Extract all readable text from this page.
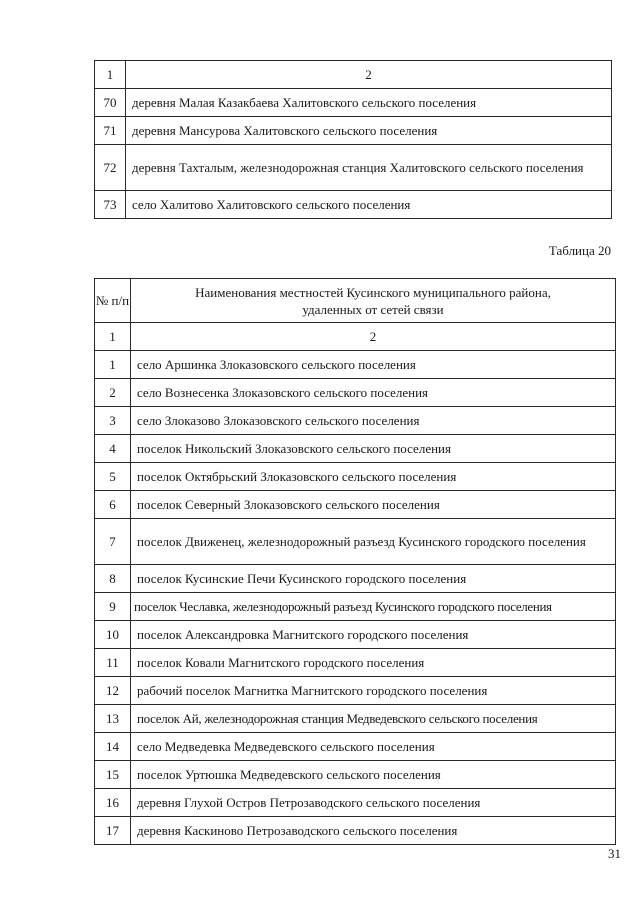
1	2
70	деревня Малая Казакбаева Халитовского сельского поселения
71	деревня Мансурова Халитовского сельского поселения
72	деревня Тахталым, железнодорожная станция Халитовского сельского поселения
73	село Халитово Халитовского сельского поселения
Таблица 20
№ п/п	Наименования местностей Кусинского муниципального района, удаленных от сетей связи
1	2
1	село Аршинка Злоказовского сельского поселения
2	село Вознесенка Злоказовского сельского поселения
3	село Злоказово Злоказовского сельского поселения
4	поселок Никольский Злоказовского сельского поселения
5	поселок Октябрьский Злоказовского сельского поселения
6	поселок Северный Злоказовского сельского поселения
7	поселок Движенец, железнодорожный разъезд Кусинского городского поселения
8	поселок Кусинские Печи Кусинского городского поселения
9	поселок Чеславка, железнодорожный разъезд Кусинского городского поселения
10	поселок Александровка Магнитского городского поселения
11	поселок Ковали Магнитского городского поселения
12	рабочий поселок Магнитка Магнитского городского поселения
13	поселок Ай, железнодорожная станция Медведевского сельского поселения
14	село Медведевка Медведевского сельского поселения
15	поселок Уртюшка Медведевского сельского поселения
16	деревня Глухой Остров Петрозаводского сельского поселения
17	деревня Каскиново Петрозаводского сельского поселения
31
